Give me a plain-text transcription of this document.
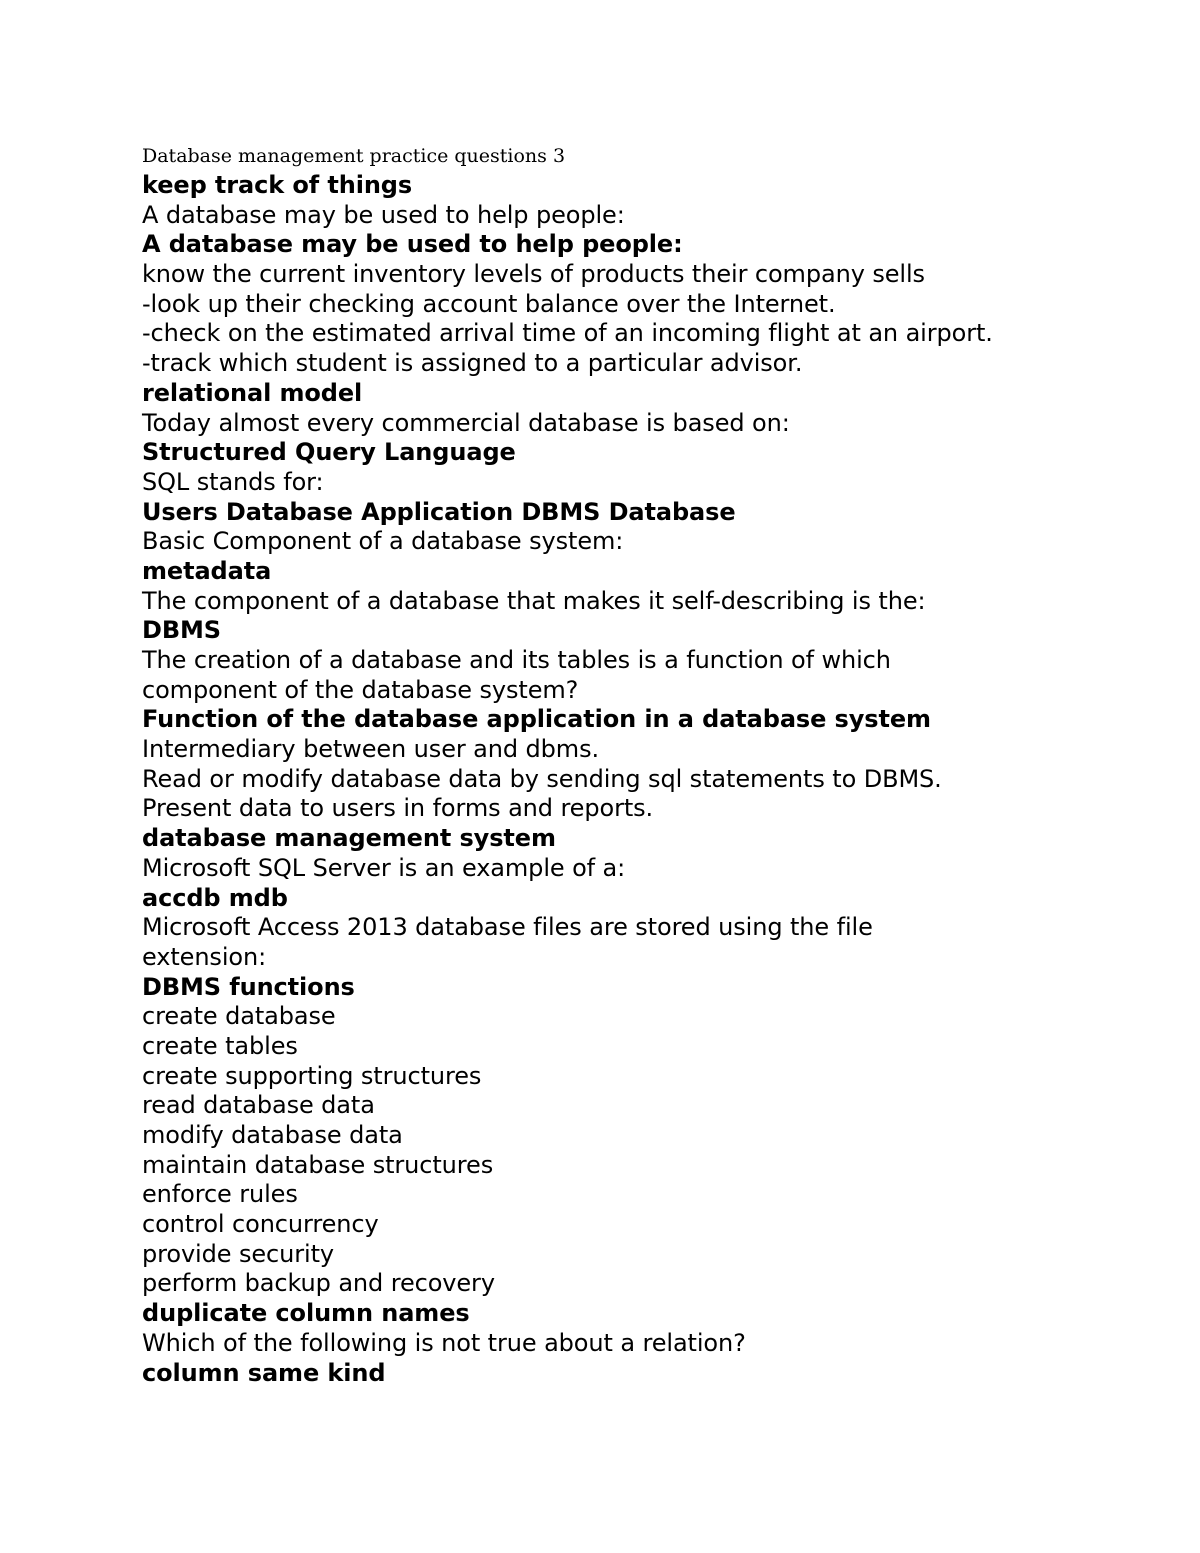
Database management practice questions 3
keep track of things
A database may be used to help people:
A database may be used to help people:
know the current inventory levels of products their company sells
-look up their checking account balance over the Internet.
-check on the estimated arrival time of an incoming flight at an airport.
-track which student is assigned to a particular advisor.
relational model
Today almost every commercial database is based on:
Structured Query Language
SQL stands for:
Users Database Application DBMS Database
Basic Component of a database system:
metadata
The component of a database that makes it self-describing is the:
DBMS
The creation of a database and its tables is a function of which
component of the database system?
Function of the database application in a database system
Intermediary between user and dbms.
Read or modify database data by sending sql statements to DBMS.
Present data to users in forms and reports.
database management system
Microsoft SQL Server is an example of a:
accdb mdb
Microsoft Access 2013 database files are stored using the file
extension:
DBMS functions
create database
create tables
create supporting structures
read database data
modify database data
maintain database structures
enforce rules
control concurrency
provide security
perform backup and recovery
duplicate column names
Which of the following is not true about a relation?
column same kind
